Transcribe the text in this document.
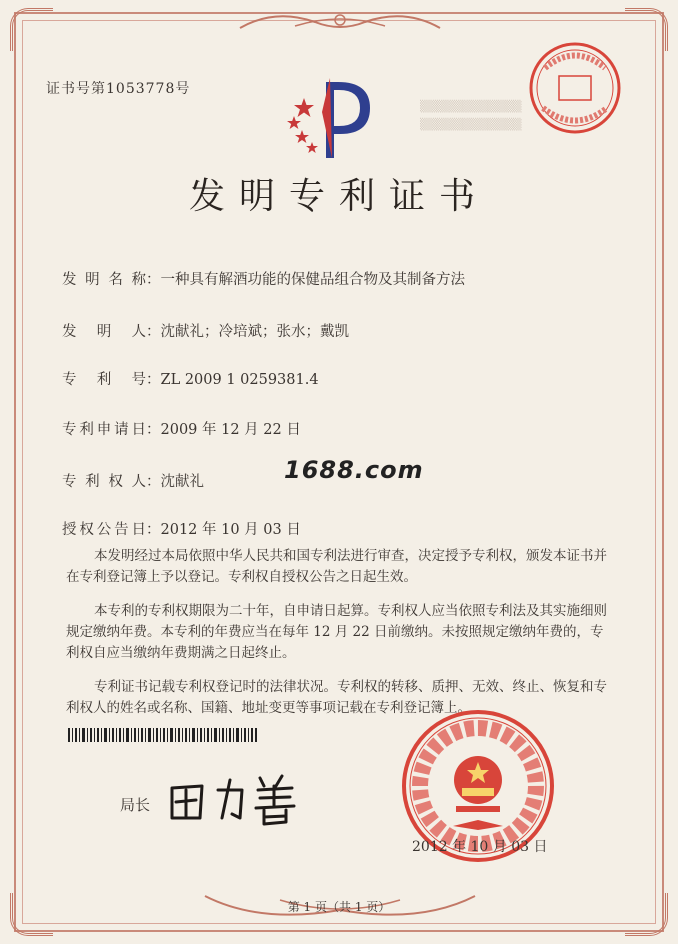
▒▒▒▒▒▒▒▒▒▒▒▒
▒▒▒▒▒▒▒▒▒▒▒▒
证书号第1053778号
发明专利证书
发明名称：一种具有解酒功能的保健品组合物及其制备方法
发明人：沈献礼；冷培斌；张水；戴凯
专利号：ZL 2009 1 0259381.4
专利申请日：2009 年 12 月 22 日
专利权人：沈献礼
授权公告日：2012 年 10 月 03 日
1688.com

本发明经过本局依照中华人民共和国专利法进行审查，决定授予专利权，颁发本证书并在专利登记簿上予以登记。专利权自授权公告之日起生效。

本专利的专利权期限为二十年，自申请日起算。专利权人应当依照专利法及其实施细则规定缴纳年费。本专利的年费应当在每年 12 月 22 日前缴纳。未按照规定缴纳年费的，专利权自应当缴纳年费期满之日起终止。

专利证书记载专利权登记时的法律状况。专利权的转移、质押、无效、终止、恢复和专利权人的姓名或名称、国籍、地址变更等事项记载在专利登记簿上。

局长
2012 年 10 月 03 日
第 1 页（共 1 页）
